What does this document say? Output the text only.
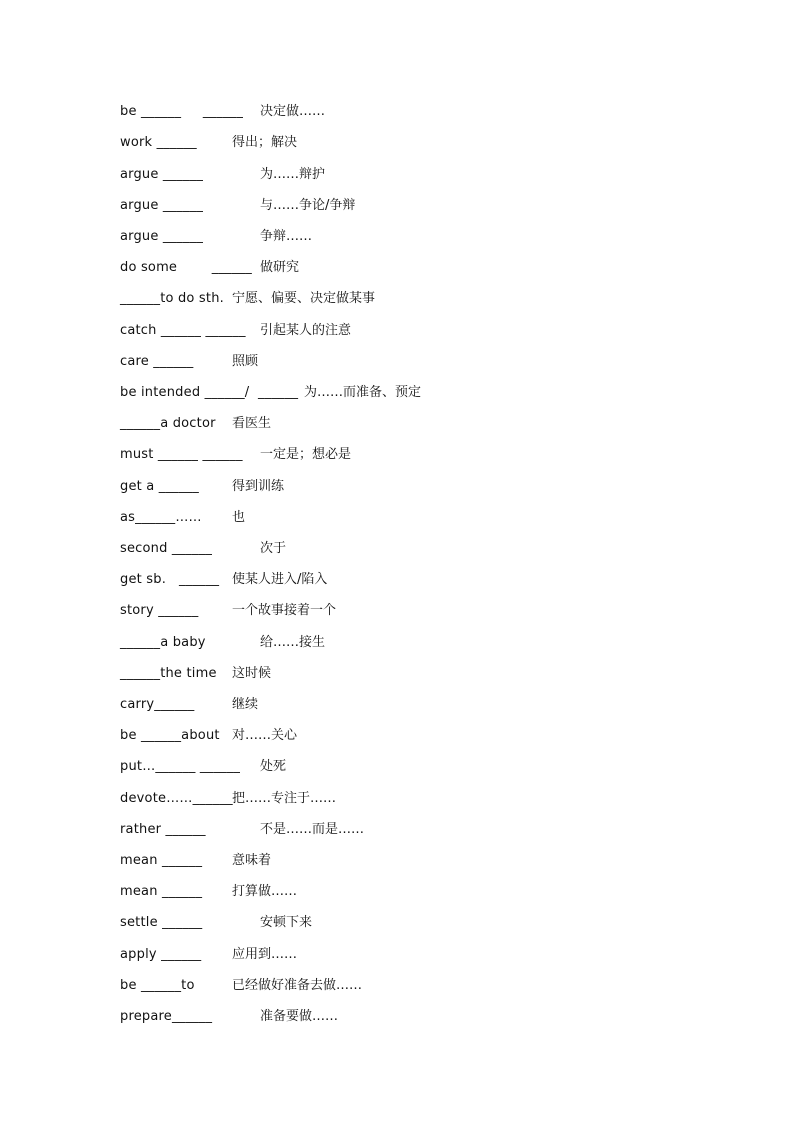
be ______     ______ 决定做……
work ______	得出；解决
argue ______	为……辩护
argue ______	与……争论/争辩
argue ______	争辩……
do some        ______ 做研究
______to do sth. 宁愿、偏要、决定做某事
catch ______ ______ 引起某人的注意
care ______	照顾
be intended ______/  ______ 为……而准备、预定
______a doctor 看医生
must ______ ______ 一定是；想必是
get a ______	得到训练
as______…… 也
second ______	次于
get sb.   ______ 使某人进入/陷入
story ______	一个故事接着一个
______a baby	给……接生
______the time 这时候
carry______	继续
be ______about 对……关心
put…______ ______ 处死
devote……______ 把……专注于……
rather ______	不是……而是……
mean ______ 意味着
mean ______ 打算做……
settle ______	安顿下来
apply ______ 应用到……
be ______to	已经做好准备去做……
prepare______	准备要做……
